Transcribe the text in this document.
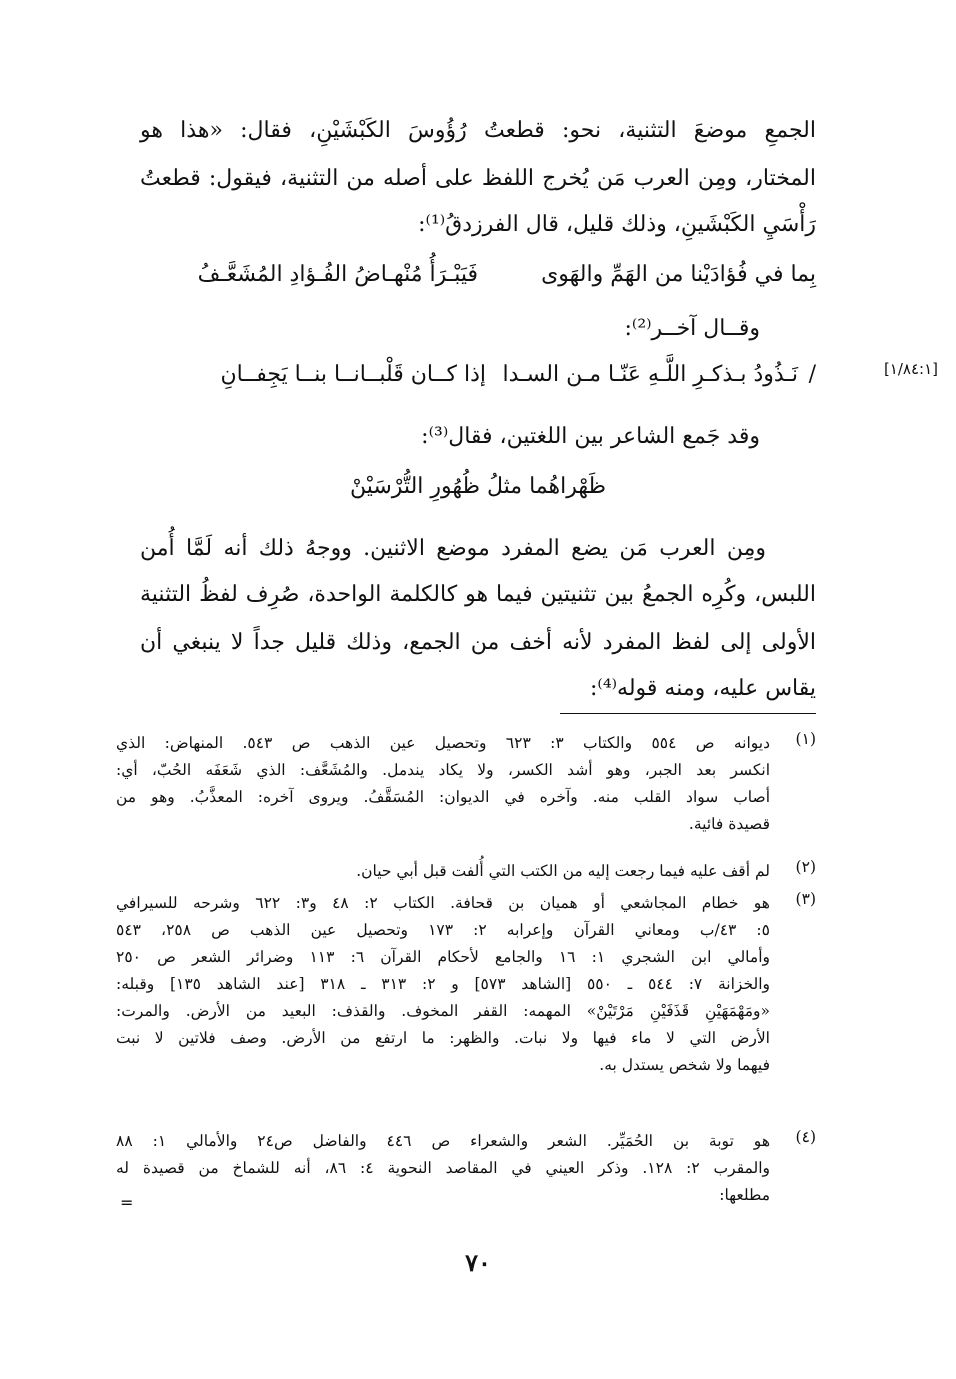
الجمعِ موضعَ التثنية، نحو: قطعتُ رُؤُوسَ الكَبْشَيْنِ، فقال: «هذا هو
المختار، ومِن العرب مَن يُخرج اللفظ على أصله من التثنية، فيقول: قطعتُ
رَأْسَيِ الكَبْشَينِ، وذلك قليل، قال الفرزدقُ⁽¹⁾:
بِما في فُؤادَيْنا من الهَمِّ والهَوى
فَيَبْـرَأُ مُنْهـاضُ الفُـؤادِ المُشَعَّـفُ
وقــال آخــر⁽²⁾:
[١/٨٤:١]
/
نَـذُودُ بـذكـرِ اللَّـهِ عَنّـا مـن السـدا
إذا كــان قَلْبــانــا بنــا يَجِفــانِ
وقد جَمع الشاعر بين اللغتين، فقال⁽³⁾:
ظَهْراهُما مثلُ ظُهُورِ التُّرْسَيْنْ
ومِن العرب مَن يضع المفرد موضع الاثنين. ووجهُ ذلك أنه لَمَّا أُمن
اللبس، وكُرِه الجمعُ بين تثنيتين فيما هو كالكلمة الواحدة، صُرِف لفظُ التثنية
الأولى إلى لفظ المفرد لأنه أخف من الجمع، وذلك قليل جداً لا ينبغي أن
يقاس عليه، ومنه قوله⁽⁴⁾:
(١)
ديوانه ص ٥٥٤ والكتاب ٣: ٦٢٣ وتحصيل عين الذهب ص ٥٤٣. المنهاض: الذي
انكسر بعد الجبر، وهو أشد الكسر، ولا يكاد يندمل. والمُشَعَّف: الذي شَعَفَه الحُبّ، أي:
أصاب سواد القلب منه. وآخره في الديوان: المُسَقَّفُ. ويروى آخره: المعذَّبُ. وهو من
قصيدة فائية.
(٢)
لم أقف عليه فيما رجعت إليه من الكتب التي أُلفت قبل أبي حيان.
(٣)
هو خطام المجاشعي أو هميان بن قحافة. الكتاب ٢: ٤٨ و٣: ٦٢٢ وشرحه للسيرافي
٥: ٤٣/ب ومعاني القرآن وإعرابه ٢: ١٧٣ وتحصيل عين الذهب ص ٢٥٨، ٥٤٣
وأمالي ابن الشجري ١: ١٦ والجامع لأحكام القرآن ٦: ١١٣ وضرائر الشعر ص ٢٥٠
والخزانة ٧: ٥٤٤ ـ ٥٥٠ [الشاهد ٥٧٣] و ٢: ٣١٣ ـ ٣١٨ [عند الشاهد ١٣٥] وقبله:
«ومَهْمَهَيْنِ قَذَفَيْنِ مَرْتَيْنْ» المهمه: القفر المخوف. والقذف: البعيد من الأرض. والمرت:
الأرض التي لا ماء فيها ولا نبات. والظهر: ما ارتفع من الأرض. وصف فلاتين لا نبت
فيهما ولا شخص يستدل به.
(٤)
هو توبة بن الحُمَيِّر. الشعر والشعراء ص ٤٤٦ والفاضل ص٢٤ والأمالي ١: ٨٨
والمقرب ٢: ١٢٨. وذكر العيني في المقاصد النحوية ٤: ٨٦، أنه للشماخ من قصيدة له
مطلعها:
=
٧٠
